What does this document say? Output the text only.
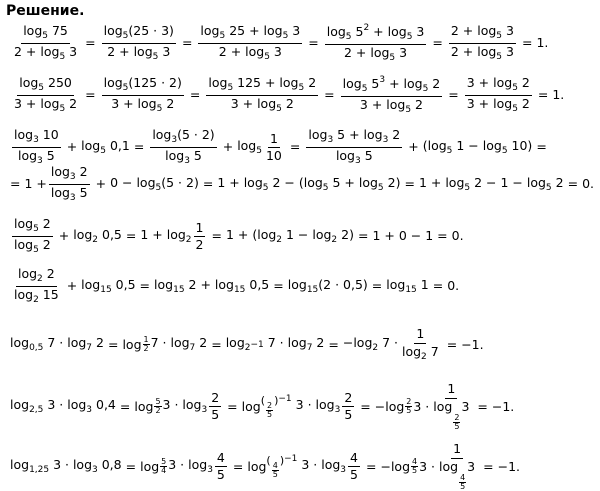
Решение.
$\frac{\log_5 75}{2 + \log_5 3} = \frac{\log_5(25 \cdot 3)}{2 + \log_5 3} = \frac{\log_5 25 + \log_5 3}{2 + \log_5 3} = \frac{\log_5 5^2 + \log_5 3}{2 + \log_5 3} = \frac{2 + \log_5 3}{2 + \log_5 3} = 1$.
$\frac{\log_5 250}{3 + \log_5 2} = \frac{\log_5(125 \cdot 2)}{3 + \log_5 2} = \frac{\log_5 125 + \log_5 2}{3 + \log_5 2} = \frac{\log_5 5^3 + \log_5 2}{3 + \log_5 2} = \frac{3 + \log_5 2}{3 + \log_5 2} = 1$.
$\frac{\log_3 10}{\log_3 5} + \log_5 0,1 = \frac{\log_3(5 \cdot 2)}{\log_3 5} + \log_5 \frac{1}{10} = \frac{\log_3 5 + \log_3 2}{\log_3 5} + (\log_5$ $1 - \log_5 10$) =
= $1 + \frac{\log_3 2}{\log_3 5} + 0 - \log_5(5 \cdot 2) = 1 + \log_5 2 - (\log_5$ $5 + \log_5 2) = 1 + \log_5 2 - 1 - \log_5 2 = 0$.
$\frac{\log_5 2}{\log_5 2} + \log_2 0,5 = 1 + \log_2 \frac{1}{2} = 1 + (\log_2$ $1 - \log_2 2) = 1 + 0 - 1 = 0$.
$\frac{\log_2 2}{\log_2 15} + \log_{15} 0,5 = \log_{15} 2 + \log_{15} 0,5 = \log_{15}(2 \cdot 0,5) = \log_{15} 1 = 0$.
$\log_{0,5} 7 \cdot \log_7 2 = \log 1$
2 $7 \cdot \log_7 2 = \log_{2-1} 7 \cdot \log_7 2 = -\log_2$ $7 \cdot \frac{1}{\log_2 7} = -1$.
$\log_{2,5} 3 \cdot \log_3 0,4 = \log 5$
2 $3 \cdot \log_3 \frac{2}{5} = \log$ (
$\frac{2}{5}$
)−1 $3 \cdot \log_3 \frac{2}{5} = -\log$ 2
5 3 · 1
log
$\frac{2}{5}$
3 = −1.
$\log_{1,25} 3 \cdot \log_3 0,8 = \log 5$
4 $3 \cdot \log_3 \frac{4}{5} = \log$ (
$\frac{4}{5}$
)−1 $3 \cdot \log_3 \frac{4}{5} = -\log$ 4
5 3 · 1
log
$\frac{4}{5}$
3 = −1.
